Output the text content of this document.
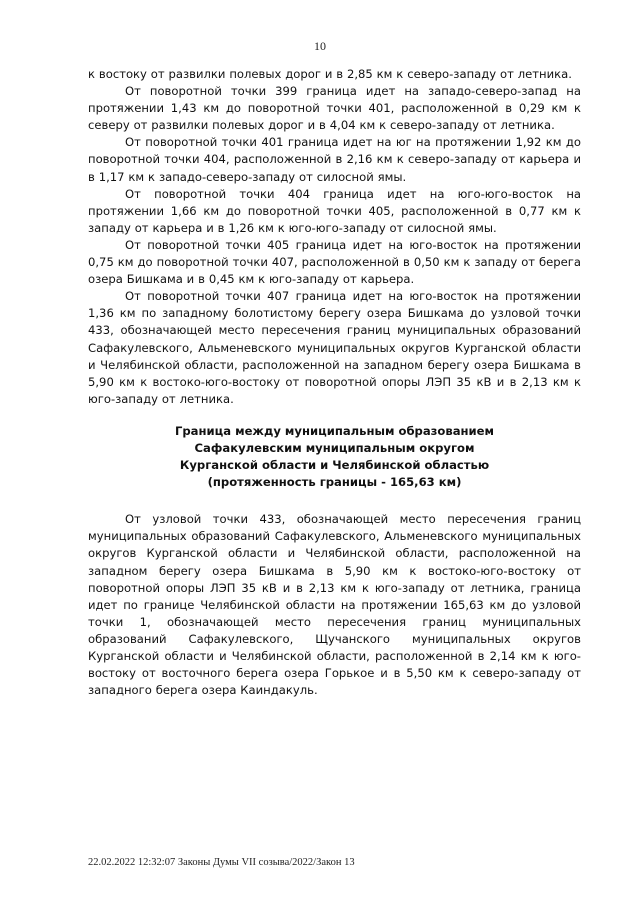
10

к востоку от развилки полевых дорог и в 2,85 км к северо-западу от летника.

От поворотной точки 399 граница идет на западо-северо-запад на протяжении 1,43 км до поворотной точки 401, расположенной в 0,29 км к северу от развилки полевых дорог и в 4,04 км к северо-западу от летника.

От поворотной точки 401 граница идет на юг на протяжении 1,92 км до поворотной точки 404, расположенной в 2,16 км к северо-западу от карьера и в 1,17 км к западо-северо-западу от силосной ямы.

От поворотной точки 404 граница идет на юго-юго-восток на протяжении 1,66 км до поворотной точки 405, расположенной в 0,77 км к западу от карьера и в 1,26 км к юго-юго-западу от силосной ямы.

От поворотной точки 405 граница идет на юго-восток на протяжении 0,75 км до поворотной точки 407, расположенной в 0,50 км к западу от берега озера Бишкама и в 0,45 км к юго-западу от карьера.

От поворотной точки 407 граница идет на юго-восток на протяжении 1,36 км по западному болотистому берегу озера Бишкама до узловой точки 433, обозначающей место пересечения границ муниципальных образований Сафакулевского, Альменевского муниципальных округов Курганской области и Челябинской области, расположенной на западном берегу озера Бишкама в 5,90 км к востоко-юго-востоку от поворотной опоры ЛЭП 35 кВ и в 2,13 км к юго-западу от летника.

Граница между муниципальным образованием
Сафакулевским муниципальным округом
Курганской области и Челябинской областью
(протяженность границы - 165,63 км)

От узловой точки 433, обозначающей место пересечения границ муниципальных образований Сафакулевского, Альменевского муниципальных округов Курганской области и Челябинской области, расположенной на западном берегу озера Бишкама в 5,90 км к востоко-юго-востоку от поворотной опоры ЛЭП 35 кВ и в 2,13 км к юго-западу от летника, граница идет по границе Челябинской области на протяжении 165,63 км до узловой точки 1, обозначающей место пересечения границ муниципальных образований Сафакулевского, Щучанского муниципальных округов Курганской области и Челябинской области, расположенной в 2,14 км к юго-востоку от восточного берега озера Горькое и в 5,50 км к северо-западу от западного берега озера Каиндакуль.

22.02.2022 12:32:07 Законы Думы VII созыва/2022/Закон 13
